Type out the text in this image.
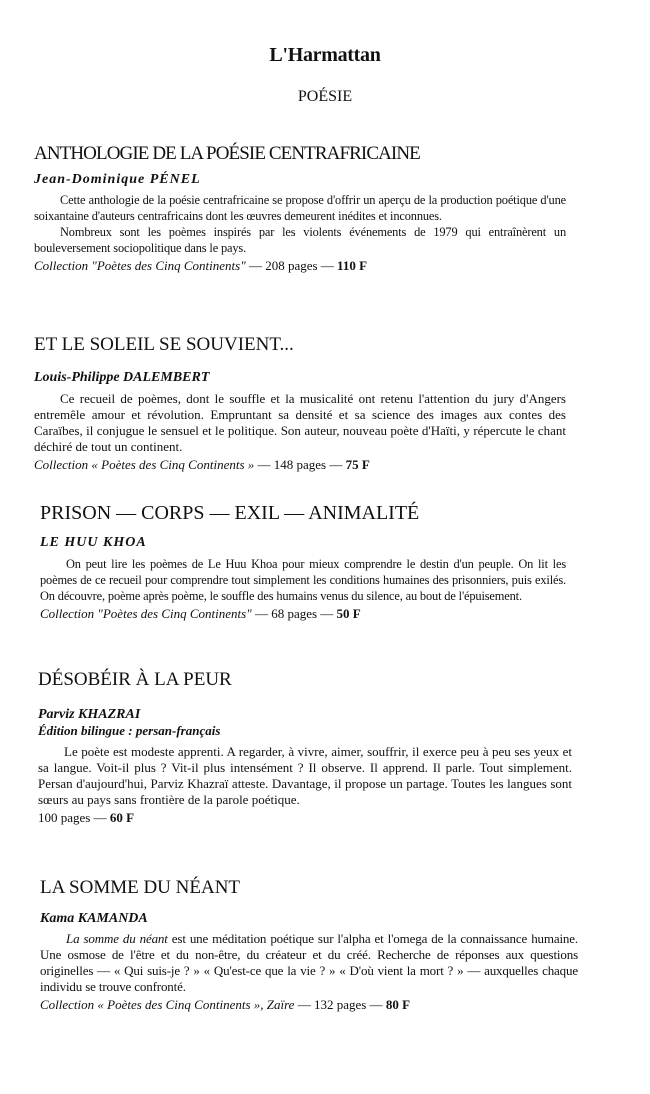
L'Harmattan
POÉSIE
ANTHOLOGIE DE LA POÉSIE CENTRAFRICAINE
Jean-Dominique PÉNEL

Cette anthologie de la poésie centrafricaine se propose d'offrir un aperçu de la production poétique d'une soixantaine d'auteurs centrafricains dont les œuvres demeurent inédites et inconnues.

Nombreux sont les poèmes inspirés par les violents événements de 1979 qui entraînèrent un bouleversement sociopolitique dans le pays.

Collection "Poètes des Cinq Continents" — 208 pages — 110 F
ET LE SOLEIL SE SOUVIENT...
Louis-Philippe DALEMBERT

Ce recueil de poèmes, dont le souffle et la musicalité ont retenu l'attention du jury d'Angers entremêle amour et révolution. Empruntant sa densité et sa science des images aux contes des Caraïbes, il conjugue le sensuel et le politique. Son auteur, nouveau poète d'Haïti, y répercute le chant déchiré de tout un continent.

Collection « Poètes des Cinq Continents » — 148 pages — 75 F
PRISON — CORPS — EXIL — ANIMALITÉ
LE HUU KHOA

On peut lire les poèmes de Le Huu Khoa pour mieux comprendre le destin d'un peuple. On lit les poèmes de ce recueil pour comprendre tout simplement les conditions humaines des prisonniers, puis exilés. On découvre, poème après poème, le souffle des humains venus du silence, au bout de l'épuisement.

Collection "Poètes des Cinq Continents" — 68 pages — 50 F
DÉSOBÉIR À LA PEUR
Parviz KHAZRAI
Édition bilingue : persan-français

Le poète est modeste apprenti. A regarder, à vivre, aimer, souffrir, il exerce peu à peu ses yeux et sa langue. Voit-il plus ? Vit-il plus intensément ? Il observe. Il apprend. Il parle. Tout simplement. Persan d'aujourd'hui, Parviz Khazraï atteste. Davantage, il propose un partage. Toutes les langues sont sœurs au pays sans frontière de la parole poétique.

100 pages — 60 F
LA SOMME DU NÉANT
Kama KAMANDA

La somme du néant est une méditation poétique sur l'alpha et l'omega de la connaissance humaine. Une osmose de l'être et du non-être, du créateur et du créé. Recherche de réponses aux questions originelles — « Qui suis-je ? » « Qu'est-ce que la vie ? » « D'où vient la mort ? » — auxquelles chaque individu se trouve confronté.

Collection « Poètes des Cinq Continents », Zaïre — 132 pages — 80 F
